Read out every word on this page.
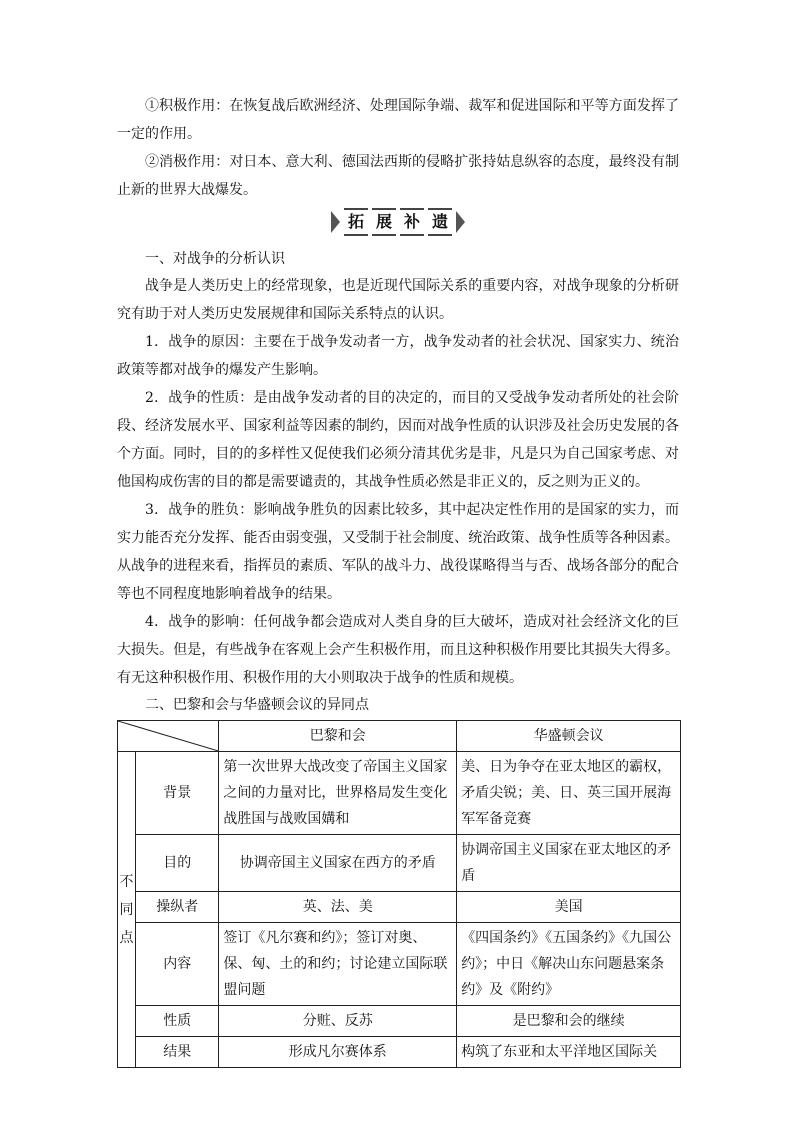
①积极作用：在恢复战后欧洲经济、处理国际争端、裁军和促进国际和平等方面发挥了一定的作用。

②消极作用：对日本、意大利、德国法西斯的侵略扩张持姑息纵容的态度，最终没有制止新的世界大战爆发。

拓 展 补 遗

一、对战争的分析认识

战争是人类历史上的经常现象，也是近现代国际关系的重要内容，对战争现象的分析研究有助于对人类历史发展规律和国际关系特点的认识。

1．战争的原因：主要在于战争发动者一方，战争发动者的社会状况、国家实力、统治政策等都对战争的爆发产生影响。

2．战争的性质：是由战争发动者的目的决定的，而目的又受战争发动者所处的社会阶段、经济发展水平、国家利益等因素的制约，因而对战争性质的认识涉及社会历史发展的各个方面。同时，目的的多样性又促使我们必须分清其优劣是非，凡是只为自己国家考虑、对他国构成伤害的目的都是需要谴责的，其战争性质必然是非正义的，反之则为正义的。

3．战争的胜负：影响战争胜负的因素比较多，其中起决定性作用的是国家的实力，而实力能否充分发挥、能否由弱变强，又受制于社会制度、统治政策、战争性质等各种因素。从战争的进程来看，指挥员的素质、军队的战斗力、战役谋略得当与否、战场各部分的配合等也不同程度地影响着战争的结果。

4．战争的影响：任何战争都会造成对人类自身的巨大破坏，造成对社会经济文化的巨大损失。但是，有些战争在客观上会产生积极作用，而且这种积极作用要比其损失大得多。有无这种积极作用、积极作用的大小则取决于战争的性质和规模。

二、巴黎和会与华盛顿会议的异同点

	巴黎和会	华盛顿会议
不
同
点	背景	第一次世界大战改变了帝国主义国家之间的力量对比，世界格局发生变化战胜国与战败国媾和	美、日为争夺在亚太地区的霸权，矛盾尖锐；美、日、英三国开展海军军备竞赛
	目的	协调帝国主义国家在西方的矛盾	协调帝国主义国家在亚太地区的矛盾
	操纵者	英、法、美	美国
	内容	签订《凡尔赛和约》；签订对奥、保、匈、土的和约；讨论建立国际联盟问题	《四国条约》《五国条约》《九国公约》；中日《解决山东问题悬案条约》及《附约》
	性质	分赃、反苏	是巴黎和会的继续
	结果	形成凡尔赛体系	构筑了东亚和太平洋地区国际关
